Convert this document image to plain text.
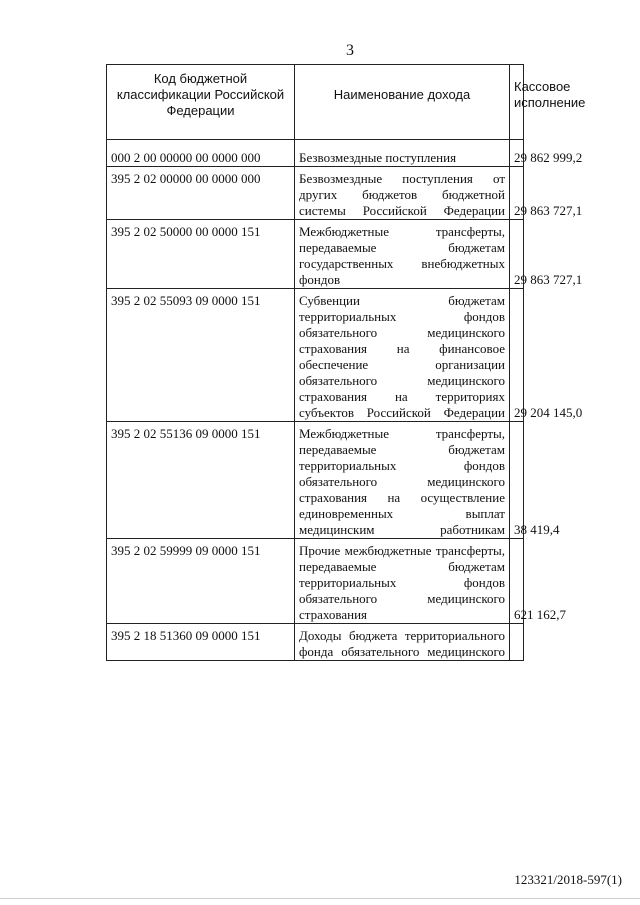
3
Код бюджетной классификации Российской Федерации	Наименование дохода	Кассовое исполнение

000 2 00 00000 00 0000 000	Безвозмездные поступления	29 862 999,2
395 2 02 00000 00 0000 000	Безвозмездные поступления от других бюджетов бюджетной системы Российской Федерации	29 863 727,1
395 2 02 50000 00 0000 151	Межбюджетные трансферты, передаваемые бюджетам государственных внебюджетных фондов	29 863 727,1
395 2 02 55093 09 0000 151	Субвенции бюджетам территориальных фондов обязательного медицинского страхования на финансовое обеспечение организации обязательного медицинского страхования на территориях субъектов Российской Федерации	29 204 145,0
395 2 02 55136 09 0000 151	Межбюджетные трансферты, передаваемые бюджетам территориальных фондов обязательного медицинского страхования на осуществление единовременных выплат медицинским работникам	38 419,4
395 2 02 59999 09 0000 151	Прочие межбюджетные трансферты, передаваемые бюджетам территориальных фондов обязательного медицинского страхования	621 162,7
395 2 18 51360 09 0000 151	Доходы бюджета территориального фонда обязательного медицинского	
123321/2018-597(1)
